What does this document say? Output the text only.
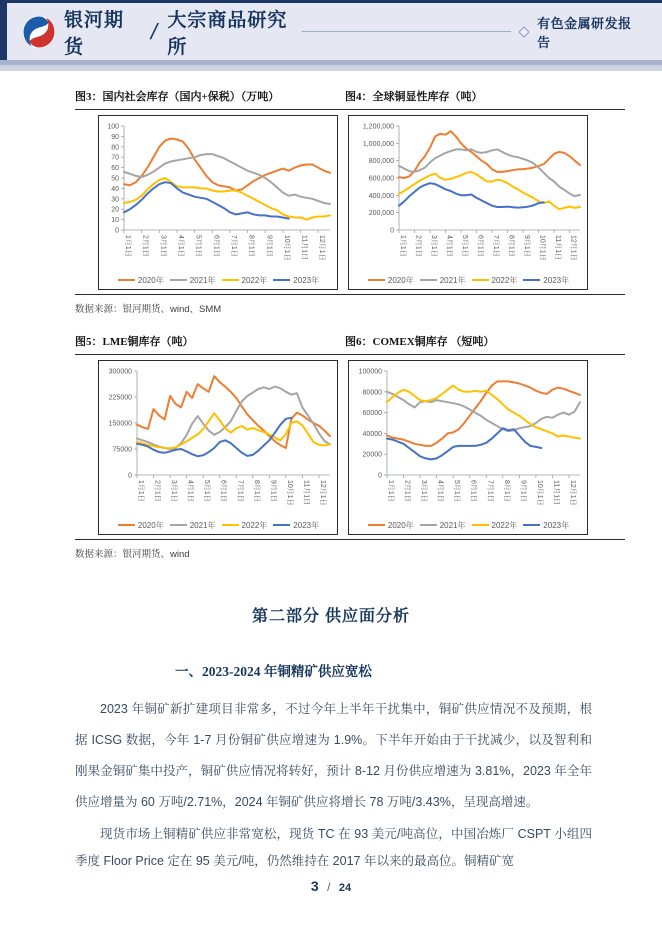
银河期货
/ 大宗商品研究所
有色金属研发报告
图3：国内社会库存（国内+保税）（万吨）	图4：全球铜显性库存（吨）
0
10
20
30
40
50
60
70
80
90
100
1月1日 2月1日 3月1日 4月1日 5月1日 6月1日 7月1日 8月1日 9月1日 10月1日 11月1日 12月1日
2020年	2021年	2022年	2023年
0
200,000
400,000
600,000
800,000
1,000,000
1,200,000
1月1日 2月1日 3月1日 4月1日 5月1日 6月1日 7月1日 8月1日 9月1日 10月1日 11月1日 12月1日
2020年	2021年	2022年	2023年
数据来源：银河期货、wind、SMM
图5：LME铜库存（吨）	图6：COMEX铜库存 （短吨）
0
75000
150000
225000
300000
1月1日 2月1日 3月1日 4月1日 5月1日 6月1日 7月1日 8月1日 9月1日 10月1日 11月1日 12月1日
2020年	2021年	2022年	2023年
0
20000
40000
60000
80000
100000
1月1日 2月1日 3月1日 4月1日 5月1日 6月1日 7月1日 8月1日 9月1日 10月1日 11月1日 12月1日
2020年	2021年	2022年	2023年
数据来源：银河期货、wind
第二部分 供应面分析
一、2023-2024 年铜精矿供应宽松

2023 年铜矿新扩建项目非常多，不过今年上半年干扰集中，铜矿供应情况不及预期，根据 ICSG 数据，今年 1-7 月份铜矿供应增速为 1.9%。下半年开始由于干扰减少，以及智利和刚果金铜矿集中投产，铜矿供应情况将转好，预计 8-12 月份供应增速为 3.81%，2023 年全年供应增量为 60 万吨/2.71%，2024 年铜矿供应将增长 78 万吨/3.43%，呈现高增速。

现货市场上铜精矿供应非常宽松，现货 TC 在 93 美元/吨高位，中国冶炼厂 CSPT 小组四季度 Floor Price 定在 95 美元/吨，仍然维持在 2017 年以来的最高位。铜精矿宽

3 / 24
